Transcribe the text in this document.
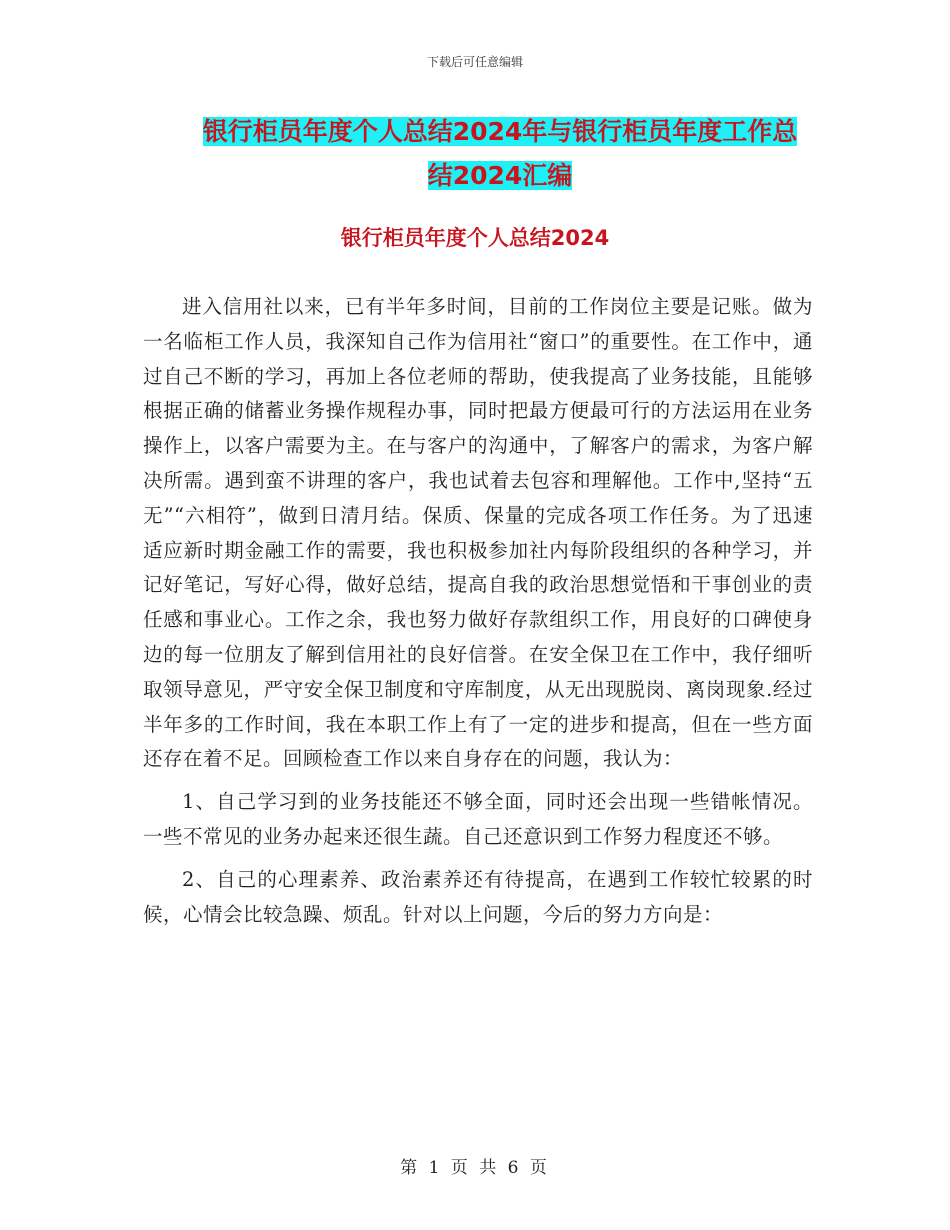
下载后可任意编辑
银行柜员年度个人总结2024年与银行柜员年度工作总
结2024汇编
银行柜员年度个人总结2024

进入信用社以来，已有半年多时间，目前的工作岗位主要是记账。做为一名临柜工作人员，我深知自己作为信用社“窗口”的重要性。在工作中，通过自己不断的学习，再加上各位老师的帮助，使我提高了业务技能，且能够根据正确的储蓄业务操作规程办事，同时把最方便最可行的方法运用在业务操作上，以客户需要为主。在与客户的沟通中，了解客户的需求，为客户解决所需。遇到蛮不讲理的客户，我也试着去包容和理解他。工作中,坚持“五无”“六相符”，做到日清月结。保质、保量的完成各项工作任务。为了迅速适应新时期金融工作的需要，我也积极参加社内每阶段组织的各种学习，并记好笔记，写好心得，做好总结，提高自我的政治思想觉悟和干事创业的责任感和事业心。工作之余，我也努力做好存款组织工作，用良好的口碑使身边的每一位朋友了解到信用社的良好信誉。在安全保卫在工作中，我仔细听取领导意见，严守安全保卫制度和守库制度，从无出现脱岗、离岗现象.经过半年多的工作时间，我在本职工作上有了一定的进步和提高，但在一些方面还存在着不足。回顾检查工作以来自身存在的问题，我认为：

1、自己学习到的业务技能还不够全面，同时还会出现一些错帐情况。一些不常见的业务办起来还很生蔬。自己还意识到工作努力程度还不够。

2、自己的心理素养、政治素养还有待提高，在遇到工作较忙较累的时候，心情会比较急躁、烦乱。针对以上问题，今后的努力方向是：

第 1 页 共 6 页
